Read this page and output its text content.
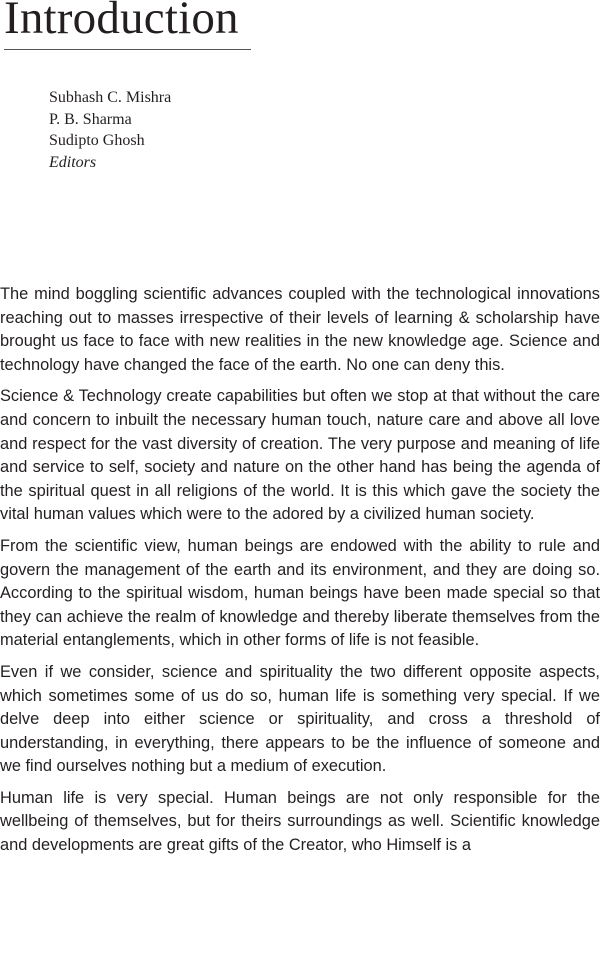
Introduction
Subhash C. Mishra
P. B. Sharma
Sudipto Ghosh
Editors

The mind boggling scientific advances coupled with the technological innovations reaching out to masses irrespective of their levels of learning & scholarship have brought us face to face with new realities in the new knowledge age. Science and technology have changed the face of the earth. No one can deny this.

Science & Technology create capabilities but often we stop at that without the care and concern to inbuilt the necessary human touch, nature care and above all love and respect for the vast diversity of creation. The very purpose and meaning of life and service to self, society and nature on the other hand has being the agenda of the spiritual quest in all religions of the world. It is this which gave the society the vital human values which were to the adored by a civilized human society.

From the scientific view, human beings are endowed with the ability to rule and govern the management of the earth and its environment, and they are doing so. According to the spiritual wisdom, human beings have been made special so that they can achieve the realm of knowledge and thereby liberate themselves from the material entanglements, which in other forms of life is not feasible.

Even if we consider, science and spirituality the two different opposite aspects, which sometimes some of us do so, human life is something very special. If we delve deep into either science or spirituality, and cross a threshold of understanding, in everything, there appears to be the influence of someone and we find ourselves nothing but a medium of execution.

Human life is very special. Human beings are not only responsible for the wellbeing of themselves, but for theirs surroundings as well. Scientific knowledge and developments are great gifts of the Creator, who Himself is a
